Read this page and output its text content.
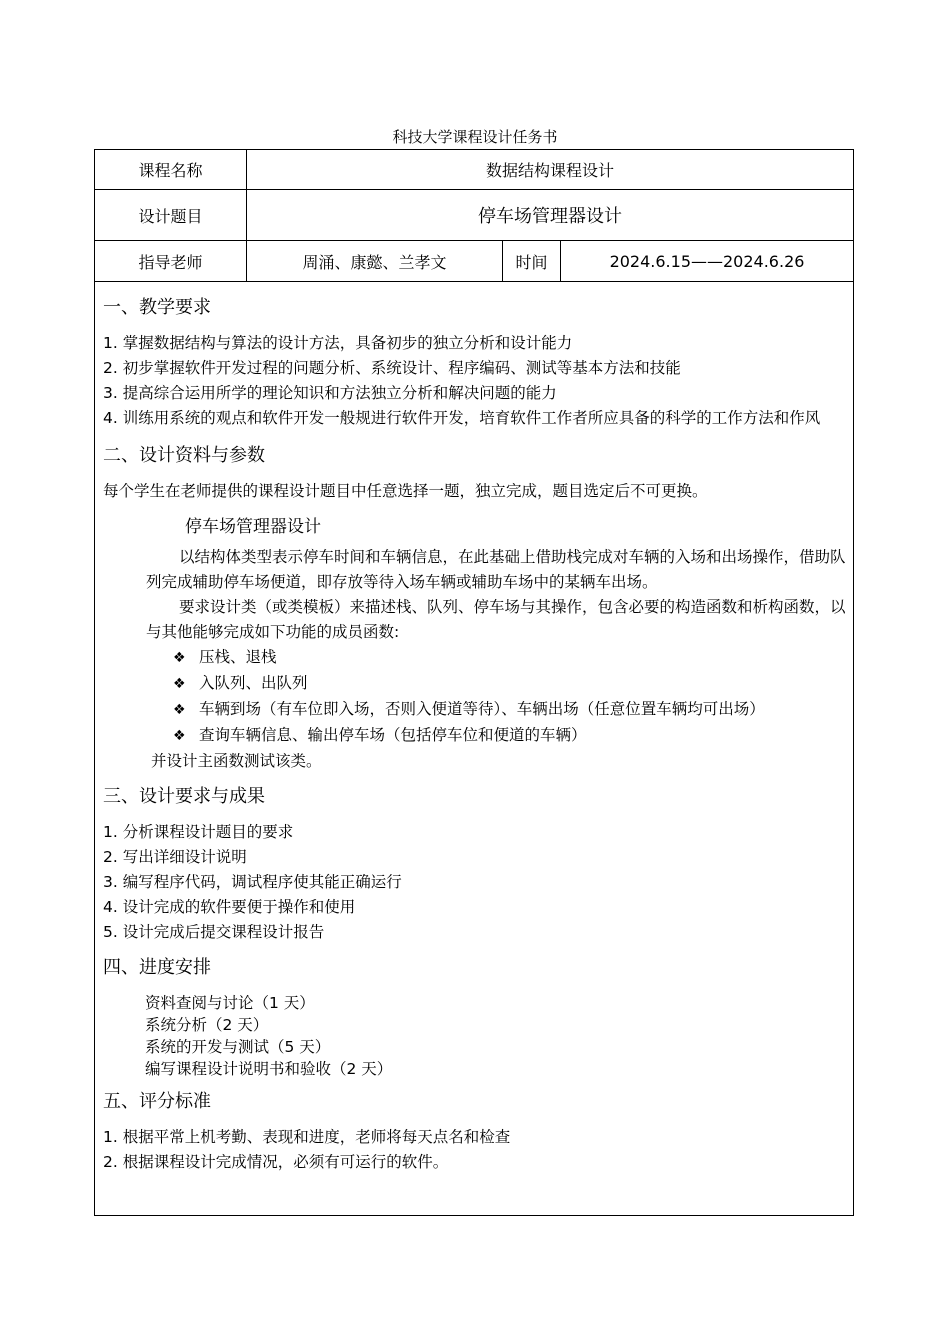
科技大学课程设计任务书
课程名称	数据结构课程设计
设计题目	停车场管理器设计
指导老师	周涌、康懿、兰孝文	时间	2024.6.15——2024.6.26
一、教学要求
1. 掌握数据结构与算法的设计方法，具备初步的独立分析和设计能力
2. 初步掌握软件开发过程的问题分析、系统设计、程序编码、测试等基本方法和技能
3. 提高综合运用所学的理论知识和方法独立分析和解决问题的能力
4. 训练用系统的观点和软件开发一般规进行软件开发，培育软件工作者所应具备的科学的工作方法和作风
二、设计资料与参数
每个学生在老师提供的课程设计题目中任意选择一题，独立完成，题目选定后不可更换。
停车场管理器设计
以结构体类型表示停车时间和车辆信息，在此基础上借助栈完成对车辆的入场和出场操作，借助队列完成辅助停车场便道，即存放等待入场车辆或辅助车场中的某辆车出场。
要求设计类（或类模板）来描述栈、队列、停车场与其操作，包含必要的构造函数和析构函数，以与其他能够完成如下功能的成员函数:
❖ 压栈、退栈
❖ 入队列、出队列
❖ 车辆到场（有车位即入场，否则入便道等待）、车辆出场（任意位置车辆均可出场）
❖ 查询车辆信息、输出停车场（包括停车位和便道的车辆）
并设计主函数测试该类。
三、设计要求与成果
1. 分析课程设计题目的要求
2. 写出详细设计说明
3. 编写程序代码，调试程序使其能正确运行
4. 设计完成的软件要便于操作和使用
5. 设计完成后提交课程设计报告
四、进度安排
资料查阅与讨论（1 天）
系统分析（2 天）
系统的开发与测试（5 天）
编写课程设计说明书和验收（2 天）
五、评分标准
1. 根据平常上机考勤、表现和进度，老师将每天点名和检查
2. 根据课程设计完成情况，必须有可运行的软件。
